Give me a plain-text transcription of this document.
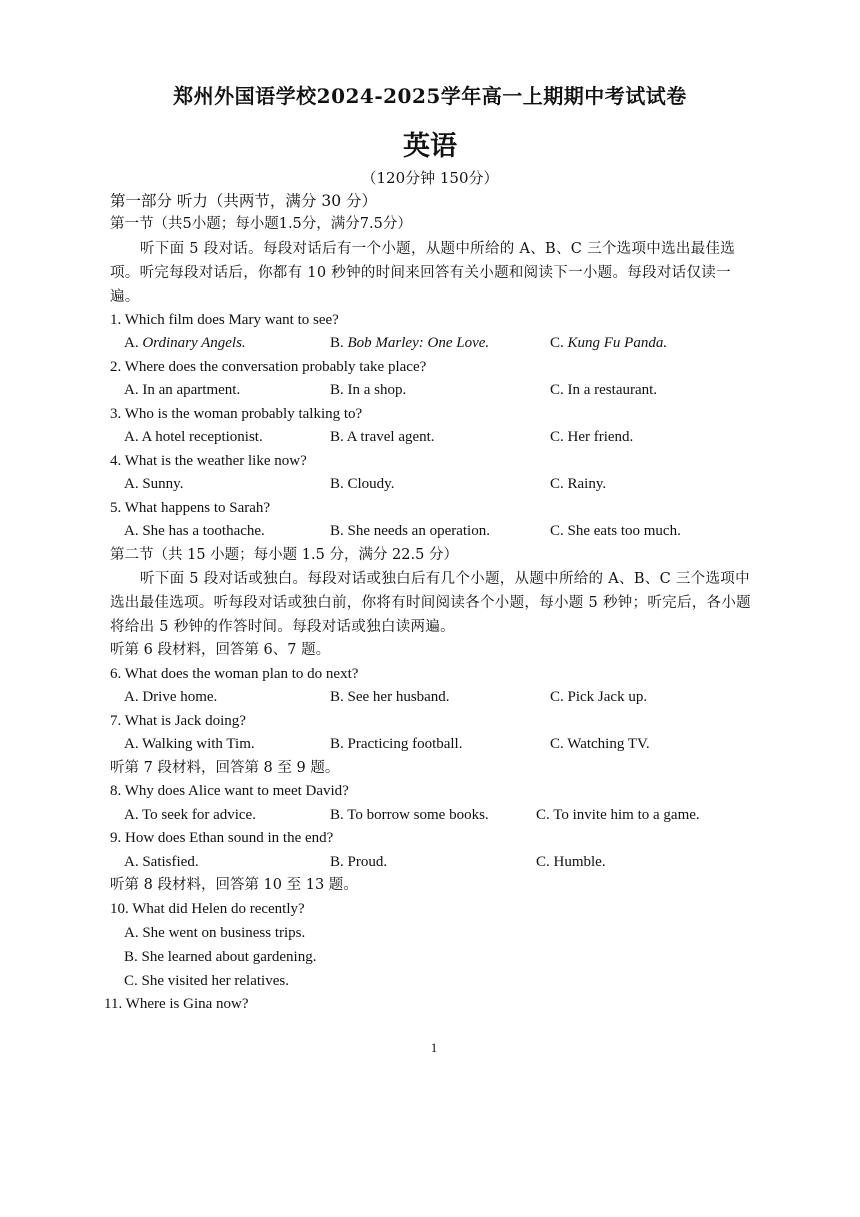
郑州外国语学校2024-2025学年高一上期期中考试试卷
英语
（120分钟 150分）
第一部分 听力（共两节，满分 30 分）
第一节（共5小题；每小题1.5分，满分7.5分）
听下面 5 段对话。每段对话后有一个小题，从题中所给的 A、B、C 三个选项中选出最佳选项。听完每段对话后，你都有 10 秒钟的时间来回答有关小题和阅读下一小题。每段对话仅读一遍。
1. Which film does Mary want to see?
A. Ordinary Angels.	B. Bob Marley: One Love.	C. Kung Fu Panda.
2. Where does the conversation probably take place?
A. In an apartment.	B. In a shop.	C. In a restaurant.
3. Who is the woman probably talking to?
A. A hotel receptionist.	B. A travel agent.	C. Her friend.
4. What is the weather like now?
A. Sunny.	B. Cloudy.	C. Rainy.
5. What happens to Sarah?
A. She has a toothache.	B. She needs an operation.	C. She eats too much.
第二节（共 15 小题；每小题 1.5 分，满分 22.5 分）
听下面 5 段对话或独白。每段对话或独白后有几个小题，从题中所给的 A、B、C 三个选项中选出最佳选项。听每段对话或独白前，你将有时间阅读各个小题，每小题 5 秒钟；听完后，各小题将给出 5 秒钟的作答时间。每段对话或独白读两遍。
听第 6 段材料，回答第 6、7 题。
6. What does the woman plan to do next?
A. Drive home.	B. See her husband.	C. Pick Jack up.
7. What is Jack doing?
A. Walking with Tim.	B. Practicing football.	C. Watching TV.
听第 7 段材料，回答第 8 至 9 题。
8. Why does Alice want to meet David?
A. To seek for advice.	B. To borrow some books.	C. To invite him to a game.
9. How does Ethan sound in the end?
A. Satisfied.	B. Proud.	C. Humble.
听第 8 段材料，回答第 10 至 13 题。
10. What did Helen do recently?
A. She went on business trips.
B. She learned about gardening.
C. She visited her relatives.
11. Where is Gina now?
1
